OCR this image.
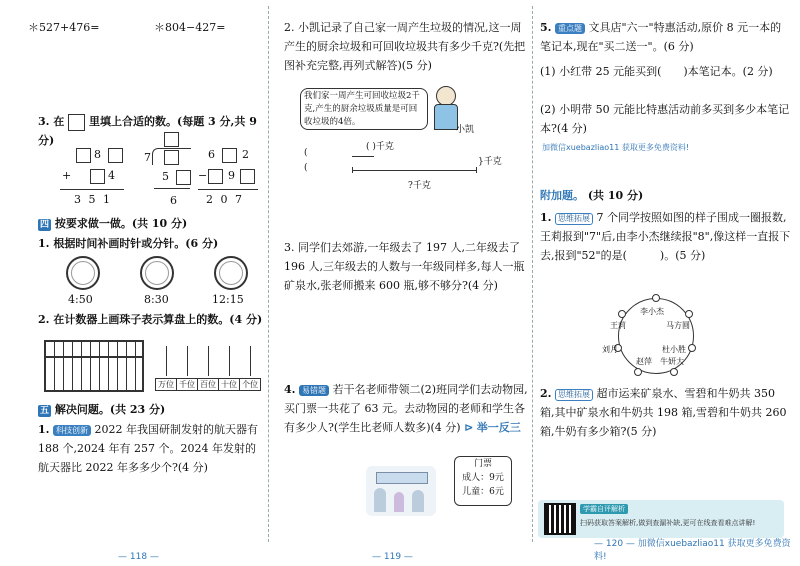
＊527+476=	＊804−427=
3. 在 里填上合适的数。(每题 3 分,共 9 分)
8
+	4
3 5 1
7
5
6
6 2
− 9
2 0 7
四 按要求做一做。(共 10 分)
1. 根据时间补画时针或分针。(6 分)
4:50	8:30	12:15
2. 在计数器上画珠子表示算盘上的数。(4 分)
万位	千位	百位	十位	个位
五 解决问题。(共 23 分)
1. 科技创新 2022 年我国研制发射的航天器有 188 个,2024 年有 257 个。2024 年发射的航天器比 2022 年多多少个?(4 分)
— 118 —
2. 小凯记录了自己家一周产生垃圾的情况,这一周产生的厨余垃圾和可回收垃圾共有多少千克?(先把图补充完整,再列式解答)(5 分)
我们家一周产生可回收垃圾2千克,产生的厨余垃圾质量是可回收垃圾的4倍。
小凯
(
(
( )千克
}千克
?千克
3. 同学们去郊游,一年级去了 197 人,二年级去了 196 人,三年级去的人数与一年级同样多,每人一瓶矿泉水,张老师搬来 600 瓶,够不够分?(4 分)
4. 易错题 若干名老师带领二(2)班同学们去动物园,买门票一共花了 63 元。去动物园的老师和学生各有多少人?(学生比老师人数多)(4 分) ⊳ 举一反三
门票
成人：9元
儿童：6元
— 119 —
5. 重点题 文具店"六一"特惠活动,原价 8 元一本的笔记本,现在"买二送一"。(6 分)
(1) 小红带 25 元能买到(　　)本笔记本。(2 分)
(2) 小明带 50 元能比特惠活动前多买到多少本笔记本?(4 分)
加微信xuebazliao11 获取更多免费资料!
附加题。 (共 10 分)
1. 思维拓展 7 个同学按照如图的样子围成一圈报数,王莉报到"7"后,由李小杰继续报"8",像这样一直报下去,报到"52"的是(　　　)。(5 分)
李小杰
马方圆
杜小胜
牛妍大
赵萍
刘月
王莉
2. 思维拓展 超市运来矿泉水、雪碧和牛奶共 350 箱,其中矿泉水和牛奶共 198 箱,雪碧和牛奶共 260 箱,牛奶有多少箱?(5 分)
学霸自评解析
扫码获取答案解析,做到查漏补缺,更可在线查看难点讲解!
— 120 — 加微信xuebazliao11 获取更多免费资料!
